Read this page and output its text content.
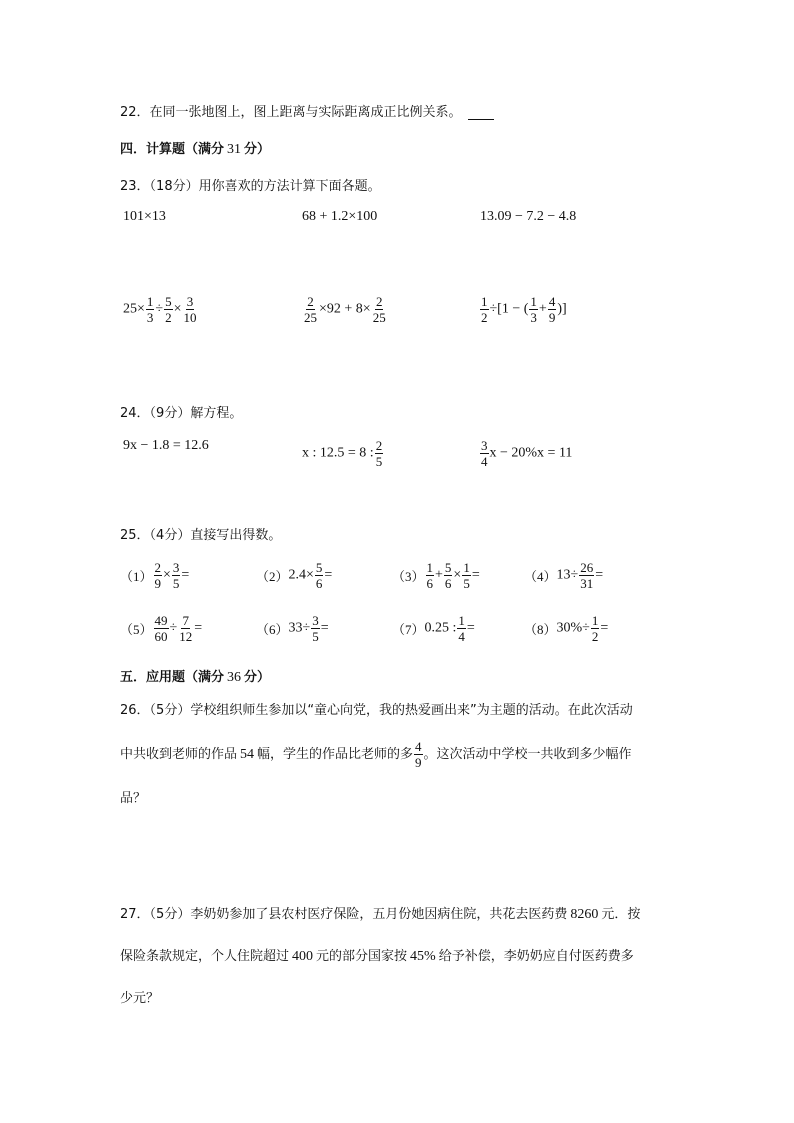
22．在同一张地图上，图上距离与实际距离成正比例关系。
四．计算题（满分 31 分）
23．（18分）用你喜欢的方法计算下面各题。
101×13	68 + 1.2×100	13.09 − 7.2 − 4.8
$25\times \frac{1}{3} \div \frac{5}{2} \times \frac{3}{10}$	$\frac{2}{25} \times 92 + 8\times \frac{2}{25}$	$\frac{1}{2} \div[1$ − ( $\frac{1}{3} + \frac{4}{9}$ )]
24．（9分）解方程。
9x − 1.8 = 12.6	x : 12.5 = 8 : $\frac{2}{5}$	$\frac{3}{4}$ x − 20%x = 11
25．（4分）直接写出得数。
$(1) \frac{2}{9} \times \frac{3}{5}$ =	$(2)2.4\times \frac{5}{6}$ =	$(3) \frac{1}{6} + \frac{5}{6} \times \frac{1}{5}$ =	$(4)13\div \frac{26}{31}$ =
$(5) \frac{49}{60} \div \frac{7}{12}$ =	$(6)33\div \frac{3}{5}$ =	（7）0.25 : $\frac{1}{4}$ =	$(8)30\%\div \frac{1}{2}$ =
五．应用题（满分 36 分）
26．（5分）学校组织师生参加以“童心向党，我的热爱画出来”为主题的活动。在此次活动
中共收到老师的作品 54 幅，学生的作品比老师的多 $\frac{4}{9}$ 。这次活动中学校一共收到多少幅作
品？
27．（5分）李奶奶参加了县农村医疗保险，五月份她因病住院，共花去医药费 8260 元．按
保险条款规定，个人住院超过 400 元的部分国家按 45% 给予补偿，李奶奶应自付医药费多
少元？
